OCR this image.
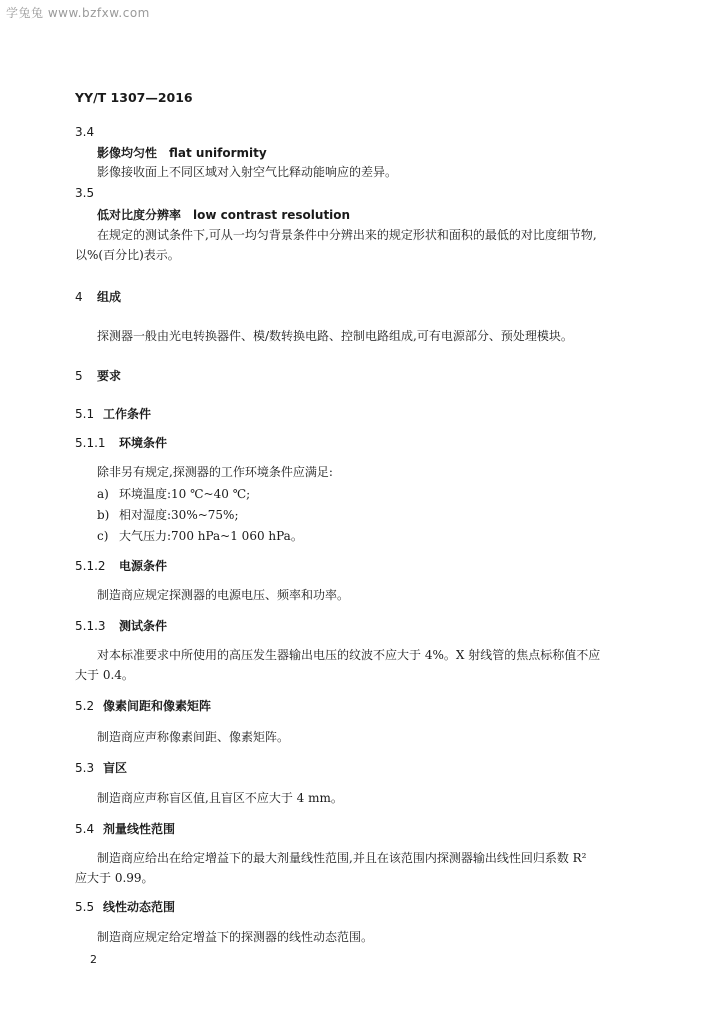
学兔兔 www.bzfxw.com
YY/T 1307—2016
3.4
影像均匀性 flat uniformity
影像接收面上不同区域对入射空气比释动能响应的差异。
3.5
低对比度分辨率 low contrast resolution
在规定的测试条件下,可从一均匀背景条件中分辨出来的规定形状和面积的最低的对比度细节物,
以%(百分比)表示。
4 组成
探测器一般由光电转换器件、模/数转换电路、控制电路组成,可有电源部分、预处理模块。
5 要求
5.1 工作条件
5.1.1 环境条件
除非另有规定,探测器的工作环境条件应满足:
a) 环境温度:10 ℃~40 ℃;
b) 相对湿度:30%~75%;
c) 大气压力:700 hPa~1 060 hPa。
5.1.2 电源条件
制造商应规定探测器的电源电压、频率和功率。
5.1.3 测试条件
对本标准要求中所使用的高压发生器输出电压的纹波不应大于 4%。X 射线管的焦点标称值不应
大于 0.4。
5.2 像素间距和像素矩阵
制造商应声称像素间距、像素矩阵。
5.3 盲区
制造商应声称盲区值,且盲区不应大于 4 mm。
5.4 剂量线性范围
制造商应给出在给定增益下的最大剂量线性范围,并且在该范围内探测器输出线性回归系数 R²
应大于 0.99。
5.5 线性动态范围
制造商应规定给定增益下的探测器的线性动态范围。
2
